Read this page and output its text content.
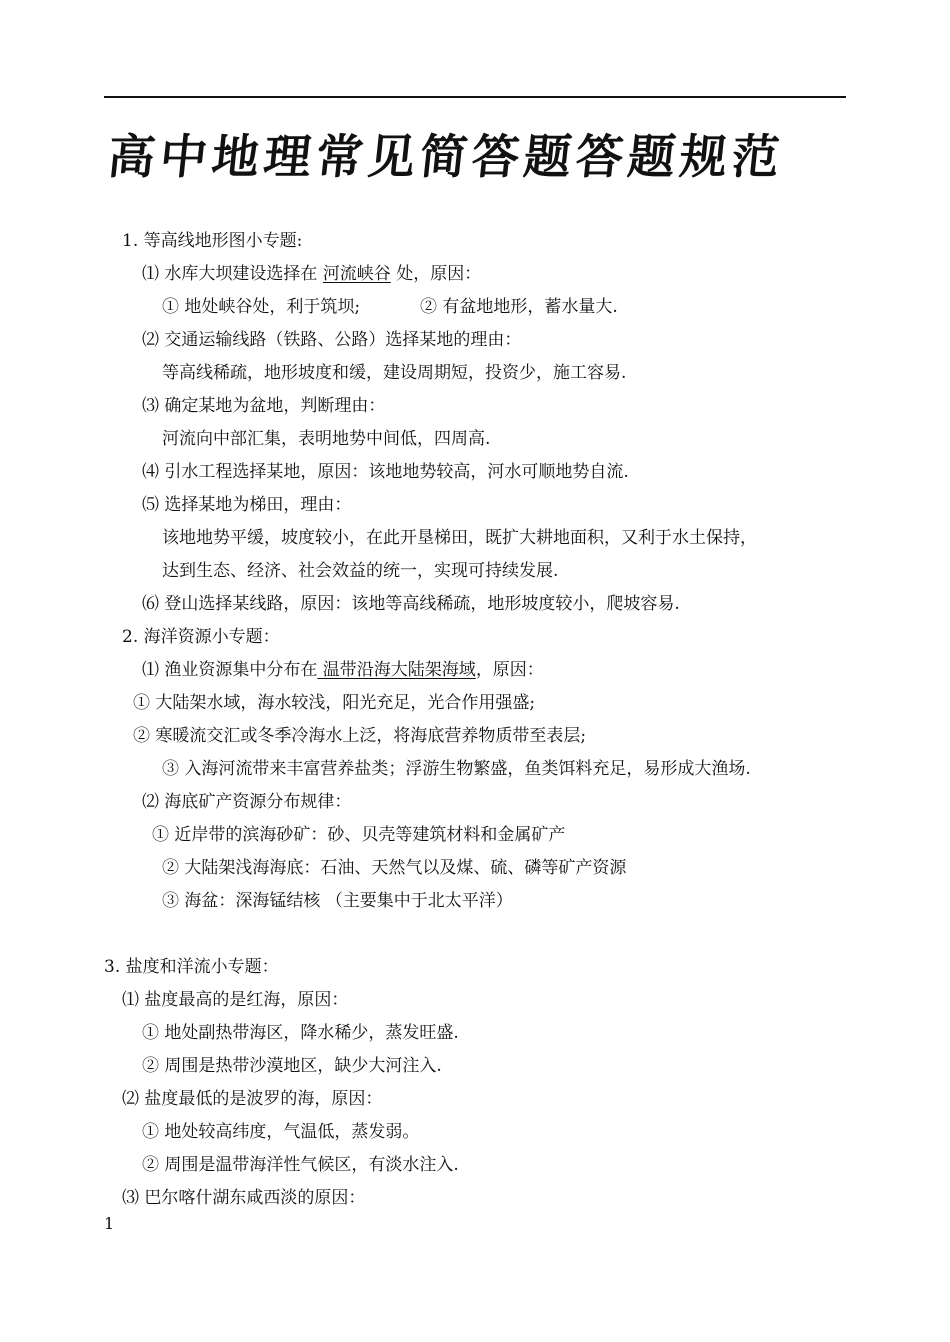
高中地理常见简答题答题规范
1. 等高线地形图小专题:
⑴ 水库大坝建设选择在 河流峡谷 处，原因：
① 地处峡谷处，利于筑坝;	② 有盆地地形，蓄水量大.
⑵ 交通运输线路（铁路、公路）选择某地的理由：
等高线稀疏，地形坡度和缓，建设周期短，投资少，施工容易.
⑶ 确定某地为盆地，判断理由：
河流向中部汇集，表明地势中间低，四周高.
⑷ 引水工程选择某地，原因：该地地势较高，河水可顺地势自流.
⑸ 选择某地为梯田，理由：
该地地势平缓，坡度较小，在此开垦梯田，既扩大耕地面积，又利于水土保持，
达到生态、经济、社会效益的统一，实现可持续发展.
⑹ 登山选择某线路，原因：该地等高线稀疏，地形坡度较小，爬坡容易.
2. 海洋资源小专题：
⑴ 渔业资源集中分布在 温带沿海大陆架海域，原因：
① 大陆架水域，海水较浅，阳光充足，光合作用强盛;
② 寒暖流交汇或冬季冷海水上泛，将海底营养物质带至表层;
③ 入海河流带来丰富营养盐类；浮游生物繁盛，鱼类饵料充足，易形成大渔场.
⑵ 海底矿产资源分布规律：
① 近岸带的滨海砂矿：砂、贝壳等建筑材料和金属矿产
② 大陆架浅海海底：石油、天然气以及煤、硫、磷等矿产资源
③ 海盆：深海锰结核 （主要集中于北太平洋）
3. 盐度和洋流小专题：
⑴ 盐度最高的是红海，原因：
① 地处副热带海区，降水稀少，蒸发旺盛.
② 周围是热带沙漠地区，缺少大河注入.
⑵ 盐度最低的是波罗的海，原因：
① 地处较高纬度，气温低，蒸发弱。
② 周围是温带海洋性气候区，有淡水注入.
⑶ 巴尔喀什湖东咸西淡的原因：
1
